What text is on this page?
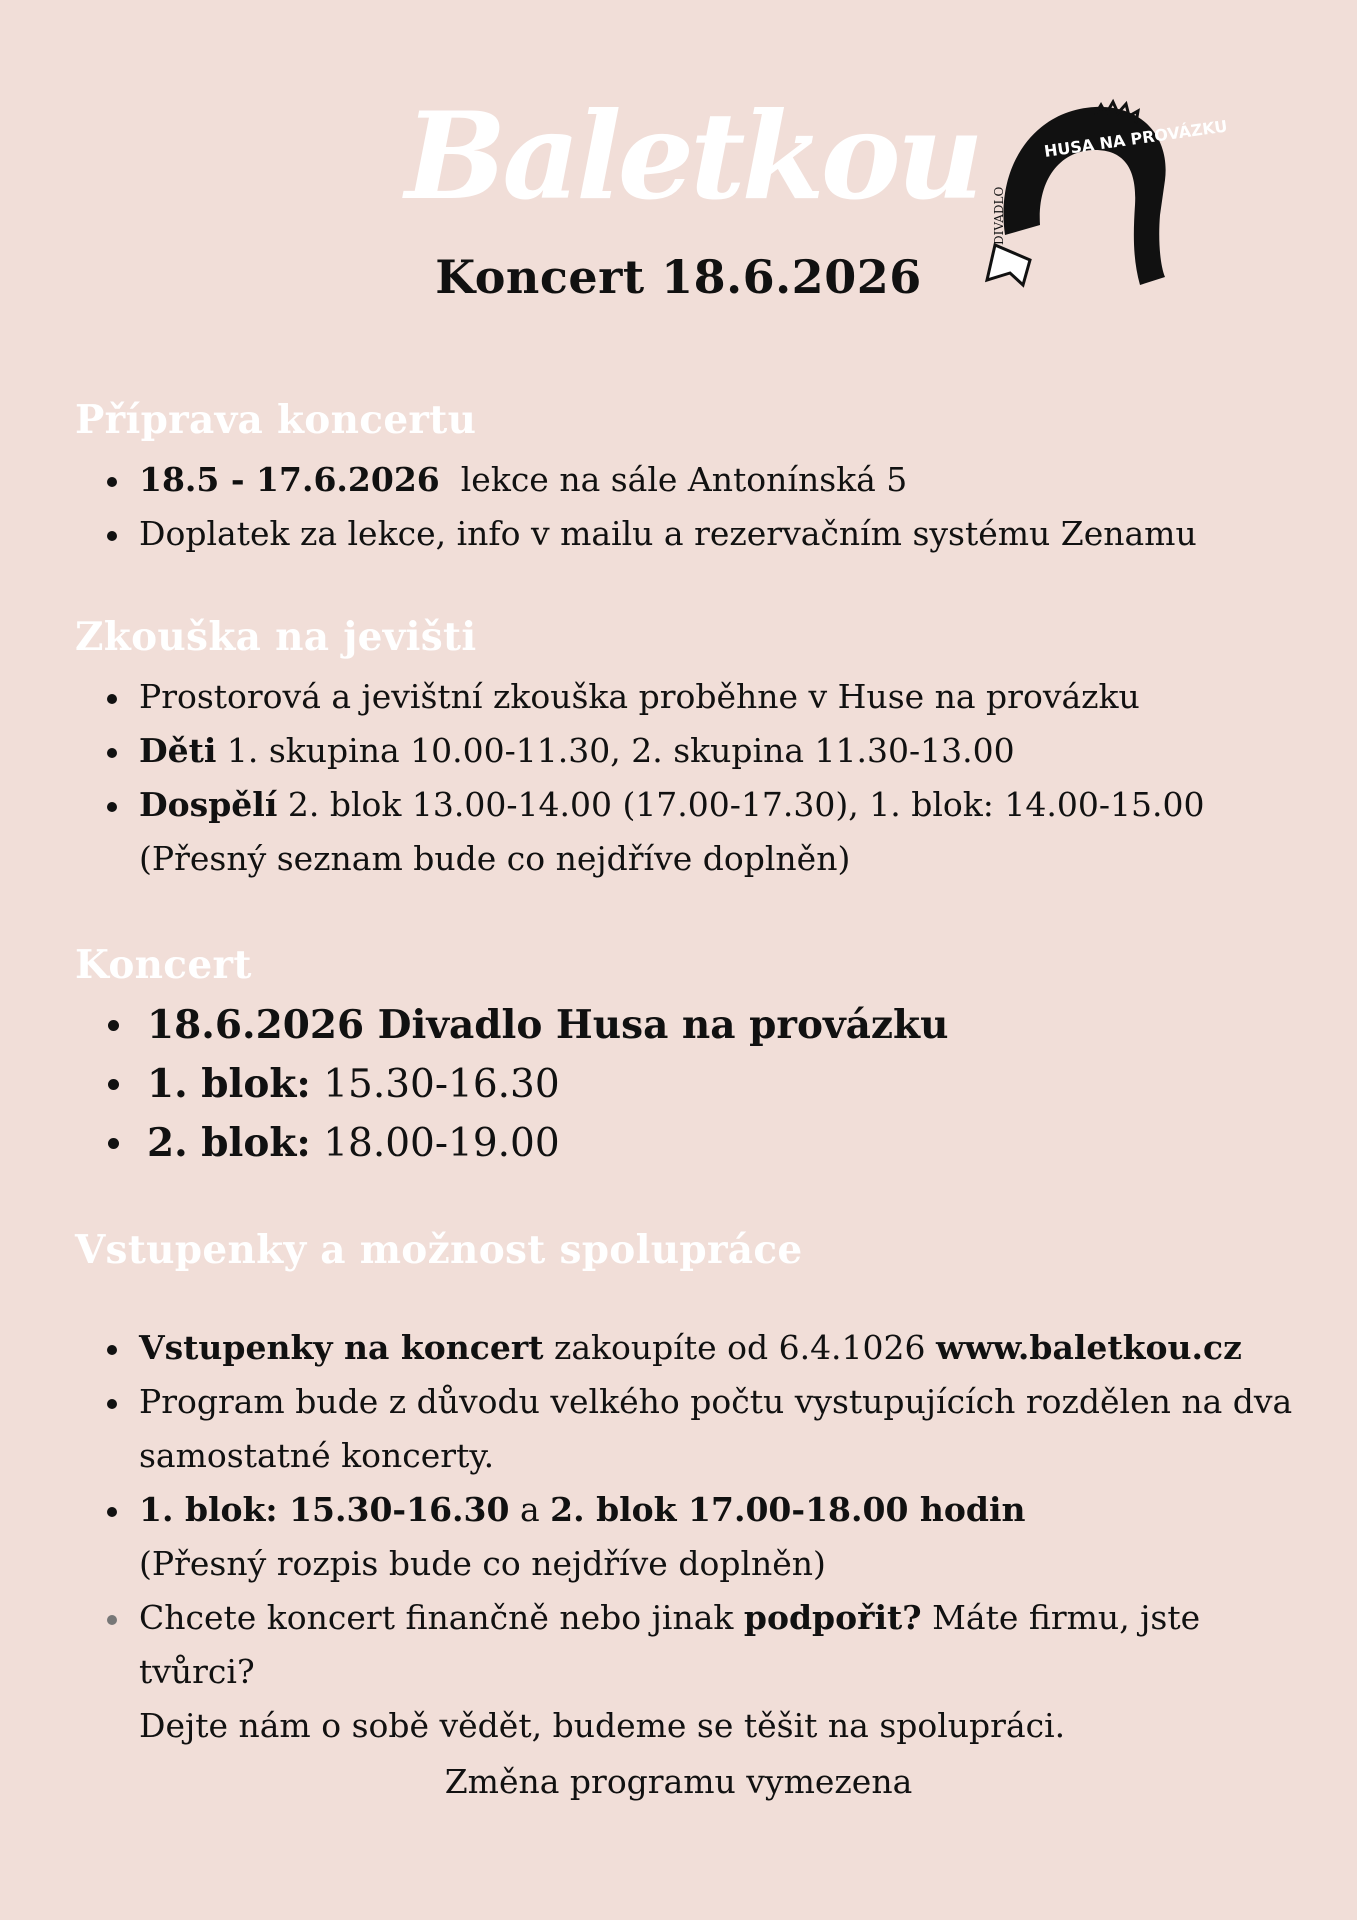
Baletkou	HUSA NA PROVÁZKU
DIVADLO
Koncert 18.6.2026
Příprava koncertu
18.5 - 17.6.2026  lekce na sále Antonínská 5
Doplatek za lekce, info v mailu a rezervačním systému Zenamu
Zkouška na jevišti
Prostorová a jevištní zkouška proběhne v Huse na provázku
Děti 1. skupina 10.00-11.30, 2. skupina 11.30-13.00
Dospělí 2. blok 13.00-14.00 (17.00-17.30), 1. blok: 14.00-15.00
(Přesný seznam bude co nejdříve doplněn)
Koncert
18.6.2026 Divadlo Husa na provázku
1. blok: 15.30-16.30
2. blok: 18.00-19.00
Vstupenky a možnost spolupráce
Vstupenky na koncert zakoupíte od 6.4.1026 www.baletkou.cz
Program bude z důvodu velkého počtu vystupujících rozdělen na dva
samostatné koncerty.
1. blok: 15.30-16.30 a 2. blok 17.00-18.00 hodin
(Přesný rozpis bude co nejdříve doplněn)
Chcete koncert finančně nebo jinak podpořit? Máte firmu, jste tvůrci?
Dejte nám o sobě vědět, budeme se těšit na spolupráci.
Změna programu vymezena
